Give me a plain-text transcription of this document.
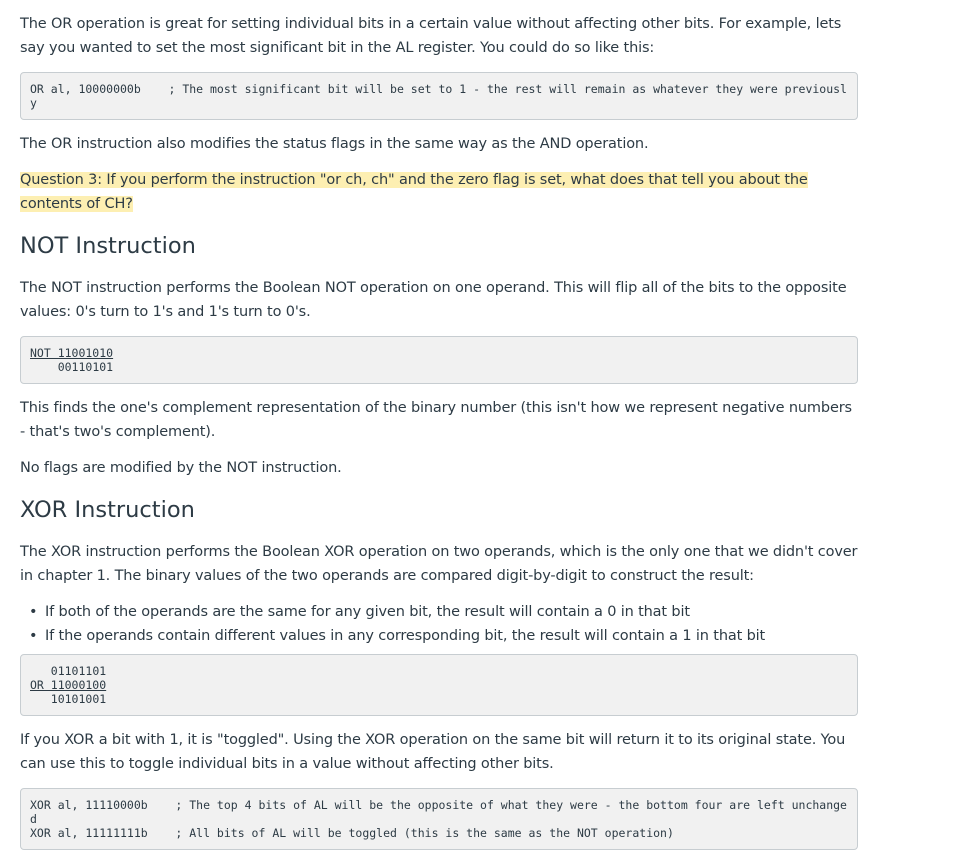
The OR operation is great for setting individual bits in a certain value without affecting other bits. For example, lets say you wanted to set the most significant bit in the AL register. You could do so like this:

OR al, 10000000b    ; The most significant bit will be set to 1 - the rest will remain as whatever they were previously

The OR instruction also modifies the status flags in the same way as the AND operation.

Question 3: If you perform the instruction "or ch, ch" and the zero flag is set, what does that tell you about the contents of CH?

NOT Instruction

The NOT instruction performs the Boolean NOT operation on one operand. This will flip all of the bits to the opposite values: 0's turn to 1's and 1's turn to 0's.

NOT 11001010
00110101

This finds the one's complement representation of the binary number (this isn't how we represent negative numbers - that's two's complement).

No flags are modified by the NOT instruction.

XOR Instruction

The XOR instruction performs the Boolean XOR operation on two operands, which is the only one that we didn't cover in chapter 1. The binary values of the two operands are compared digit-by-digit to construct the result:

• If both of the operands are the same for any given bit, the result will contain a 0 in that bit
• If the operands contain different values in any corresponding bit, the result will contain a 1 in that bit
01101101
OR 11000100
10101001

If you XOR a bit with 1, it is "toggled". Using the XOR operation on the same bit will return it to its original state. You can use this to toggle individual bits in a value without affecting other bits.

XOR al, 11110000b    ; The top 4 bits of AL will be the opposite of what they were - the bottom four are left unchanged
XOR al, 11111111b    ; All bits of AL will be toggled (this is the same as the NOT operation)
